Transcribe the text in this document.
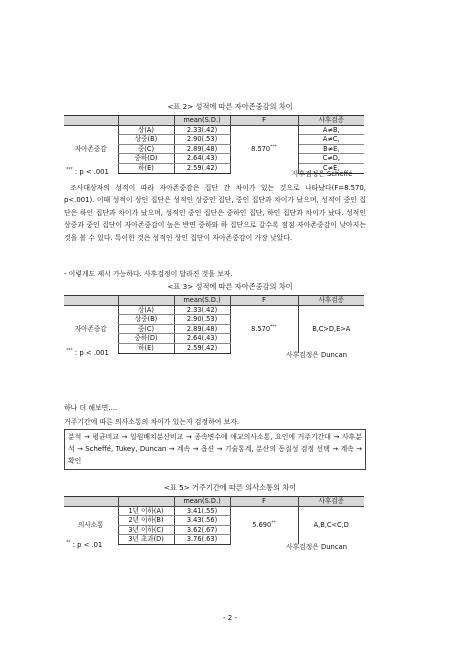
<표 2> 성적에 따른 자아존중감의 차이
		mean(S.D.)	F	사후검증
자아존중감	상(A)	2.33(.42)	8.570***	A≠B,
	상중(B)	2.90(.53)		A≠C,
	중(C)	2.89(.48)		B≠E,
	중하(D)	2.64(.43)		C≠D,
	하(E)	2.59(.42)		C≠E,
*** : p < .001	사후검정은 Scheffé
조사대상자의 성적이 따라 자아존중감은 집단 간 차이가 있는 것으로 나타났다(F=8.570, p<.001). 이때 성적이 상인 집단은 성적인 상중인 집단, 중인 집단과 차이가 났으며, 성적이 중인 집단은 하인 집단과 차이가 났으며, 성적인 중인 집단은 중하인 집단, 하인 집단과 차이가 났다. 성적인 상중과 중인 집단이 자아존중감이 높은 반면 중하와 하 집단으로 갈수록 점점 자아존중감이 낮아지는 것을 볼 수 있다. 특이한 것은 성적인 상인 집단이 자아존중감이 가장 낮았다.
- 이렇게도 제시 가능하다. 사후검정이 달라진 것을 보자.
<표 3> 성적에 따른 자아존중감의 차이
		mean(S.D.)	F	사후검증
자아존중감	상(A)	2.33(.42)	8.570***	B,C>D,E>A
	상중(B)	2.90(.53)		
	중(C)	2.89(.48)		
	중하(D)	2.64(.43)		
	하(E)	2.59(.42)		
*** : p < .001	사후검정은 Duncan
하나 더 해보면....
거주기간에 따른 의사소통의 차이가 있는지 검정하여 보자.
분석 → 평균비교 → 일원배치분산비교 → 종속변수에 애교의사소통, 요인에 거주기간대 → 사후분석 → Scheffé, Tukey, Duncan → 계속 → 옵션 → 기술통계, 분산의 동질성 검정 선택 → 계속 → 확인
<표 5> 거주기간에 따른 의사소통의 차이
		mean(S.D.)	F	사후검증
의사소통	1년 이하(A)	3.41(.55)	5.690**	A,B,C<C,D
	2년 이하(B)	3.43(.56)		
	3년 이하(C)	3.62(.67)		
	3년 초과(D)	3.76(.63)		
** : p < .01	사후검정은 Duncan
- 2 -
